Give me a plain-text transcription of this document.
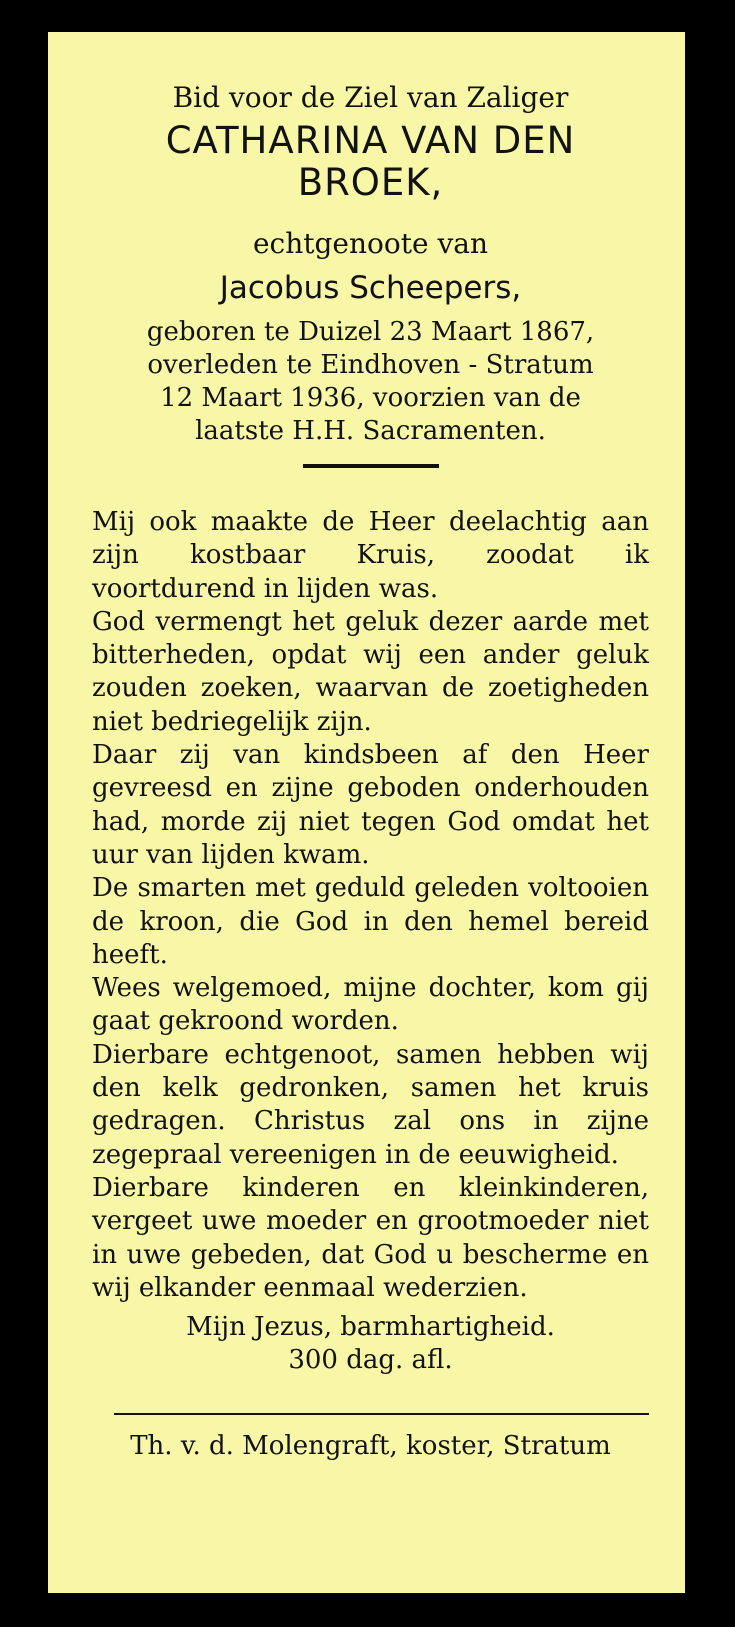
Bid voor de Ziel van Zaliger

CATHARINA VAN DEN

BROEK,

echtgenoote van

Jacobus Scheepers,

geboren te Duizel 23 Maart 1867,

overleden te Eindhoven - Stratum

12 Maart 1936, voorzien van de

laatste H.H. Sacramenten.

Mij ook maakte de Heer deelachtig aan zijn kostbaar Kruis, zoodat ik voortdurend in lijden was.

God vermengt het geluk dezer aarde met bitterheden, opdat wij een ander geluk zouden zoeken, waarvan de zoetigheden niet bedriegelijk zijn.

Daar zij van kindsbeen af den Heer gevreesd en zijne geboden onderhouden had, morde zij niet tegen God omdat het uur van lijden kwam.

De smarten met geduld geleden voltooien de kroon, die God in den hemel bereid heeft.

Wees welgemoed, mijne dochter, kom gij gaat gekroond worden.

Dierbare echtgenoot, samen hebben wij den kelk gedronken, samen het kruis gedragen. Christus zal ons in zijne zegepraal vereenigen in de eeuwigheid.

Dierbare kinderen en kleinkinderen, vergeet uwe moeder en grootmoeder niet in uwe gebeden, dat God u bescherme en wij elkander eenmaal wederzien.

Mijn Jezus, barmhartigheid.

300 dag. afl.

Th. v. d. Molengraft, koster, Stratum
